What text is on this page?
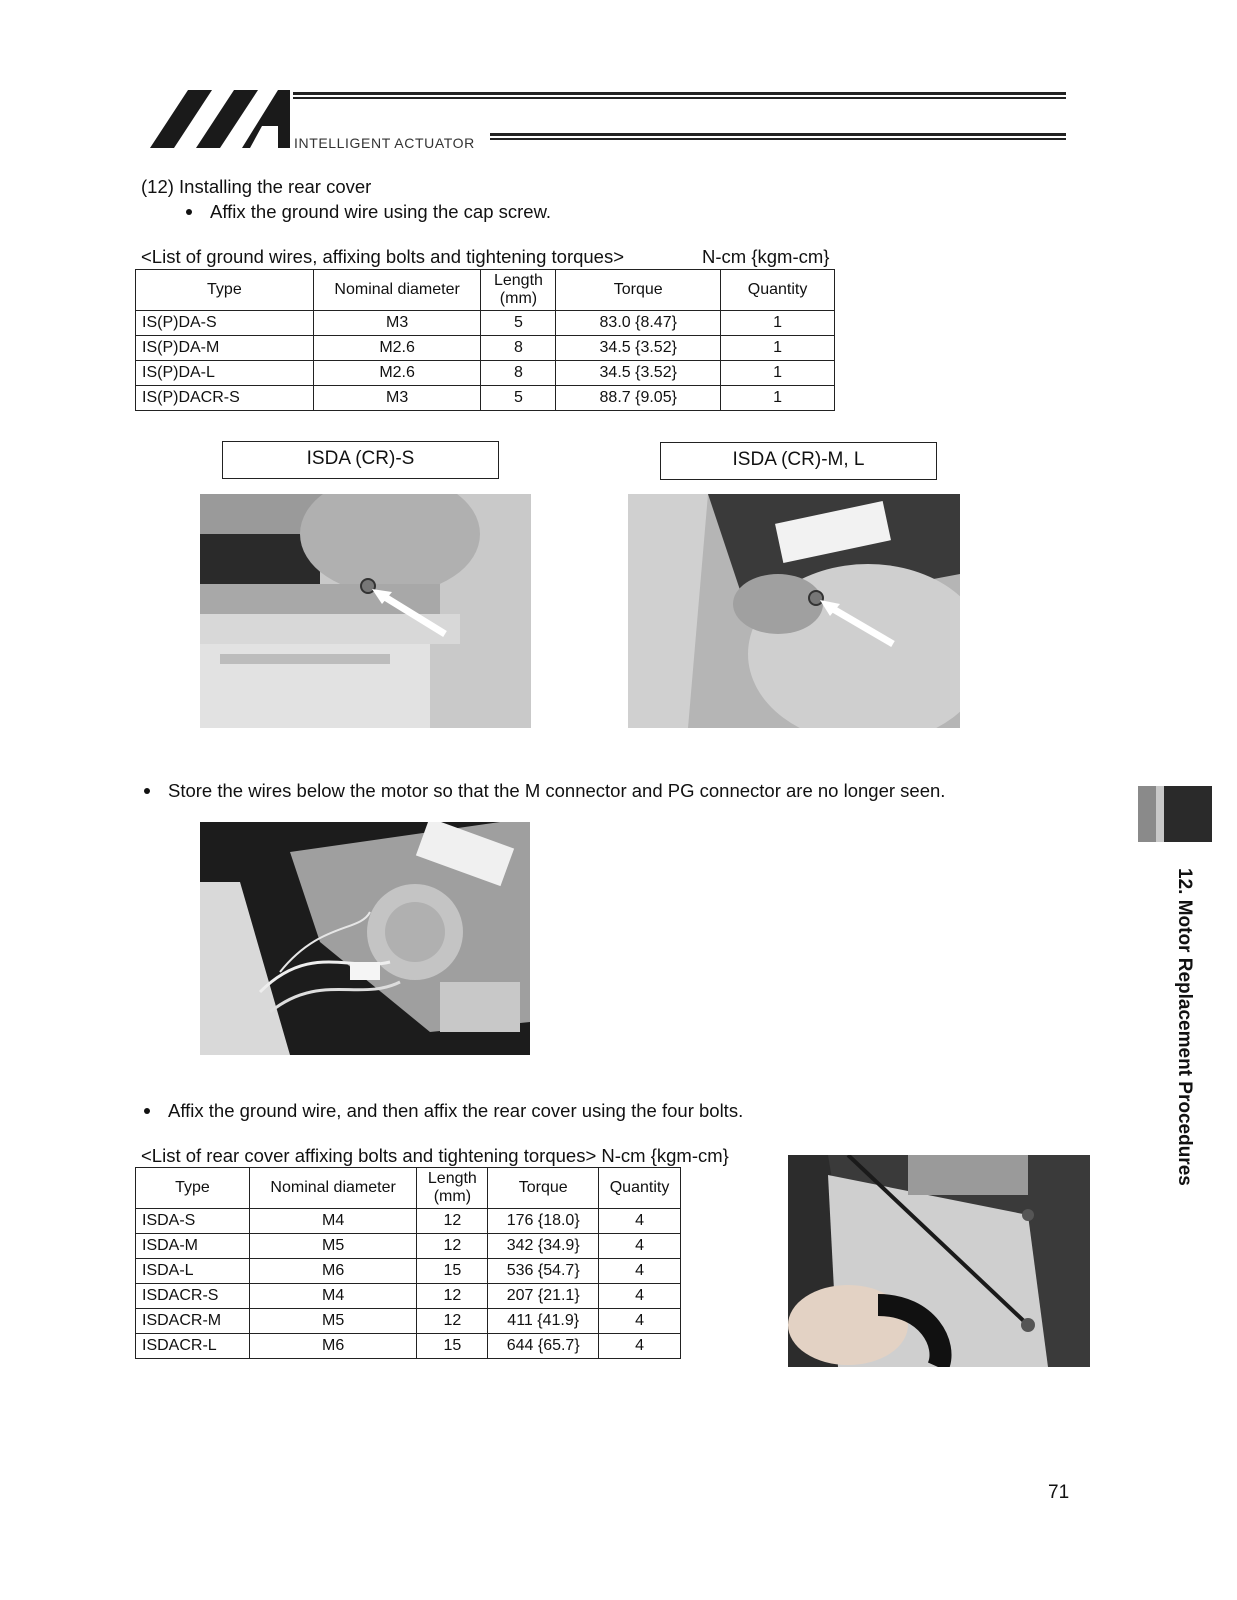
INTELLIGENT ACTUATOR
(12) Installing the rear cover
Affix the ground wire using the cap screw.
<List of ground wires, affixing bolts and tightening torques>	N-cm {kgm-cm}
Type	Nominal diameter	Length
(mm)	Torque	Quantity
IS(P)DA-S	M3	5	83.0 {8.47}	1
IS(P)DA-M	M2.6	8	34.5 {3.52}	1
IS(P)DA-L	M2.6	8	34.5 {3.52}	1
IS(P)DACR-S	M3	5	88.7 {9.05}	1
ISDA (CR)-S	ISDA (CR)-M, L
Store the wires below the motor so that the M connector and PG connector are no longer seen.
Affix the ground wire, and then affix the rear cover using the four bolts.
<List of rear cover affixing bolts and tightening torques> N-cm {kgm-cm}
Type	Nominal diameter	Length
(mm)	Torque	Quantity
ISDA-S	M4	12	176 {18.0}	4
ISDA-M	M5	12	342 {34.9}	4
ISDA-L	M6	15	536 {54.7}	4
ISDACR-S	M4	12	207 {21.1}	4
ISDACR-M	M5	12	411 {41.9}	4
ISDACR-L	M6	15	644 {65.7}	4
12. Motor Replacement Procedures
71
